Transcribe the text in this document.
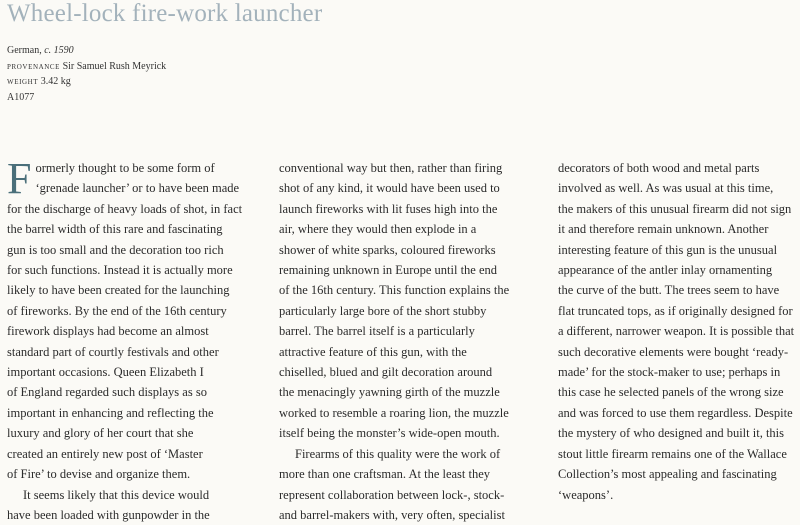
Wheel-lock fire-work launcher
German, c. 1590
provenance Sir Samuel Rush Meyrick
weight 3.42 kg
A1077
F ormerly thought to be some form of
‘grenade launcher’ or to have been made
for the discharge of heavy loads of shot, in fact
the barrel width of this rare and fascinating
gun is too small and the decoration too rich
for such functions. Instead it is actually more
likely to have been created for the launching
of fireworks. By the end of the 16th century
firework displays had become an almost
standard part of courtly festivals and other
important occasions. Queen Elizabeth I
of England regarded such displays as so
important in enhancing and reflecting the
luxury and glory of her court that she
created an entirely new post of ‘Master
of Fire’ to devise and organize them.
It seems likely that this device would
have been loaded with gunpowder in the
conventional way but then, rather than firing
shot of any kind, it would have been used to
launch fireworks with lit fuses high into the
air, where they would then explode in a
shower of white sparks, coloured fireworks
remaining unknown in Europe until the end
of the 16th century. This function explains the
particularly large bore of the short stubby
barrel. The barrel itself is a particularly
attractive feature of this gun, with the
chiselled, blued and gilt decoration around
the menacingly yawning girth of the muzzle
worked to resemble a roaring lion, the muzzle
itself being the monster’s wide-open mouth.
Firearms of this quality were the work of
more than one craftsman. At the least they
represent collaboration between lock-, stock-
and barrel-makers with, very often, specialist
decorators of both wood and metal parts
involved as well. As was usual at this time,
the makers of this unusual firearm did not sign
it and therefore remain unknown. Another
interesting feature of this gun is the unusual
appearance of the antler inlay ornamenting
the curve of the butt. The trees seem to have
flat truncated tops, as if originally designed for
a different, narrower weapon. It is possible that
such decorative elements were bought ‘ready-
made’ for the stock-maker to use; perhaps in
this case he selected panels of the wrong size
and was forced to use them regardless. Despite
the mystery of who designed and built it, this
stout little firearm remains one of the Wallace
Collection’s most appealing and fascinating
‘weapons’.
